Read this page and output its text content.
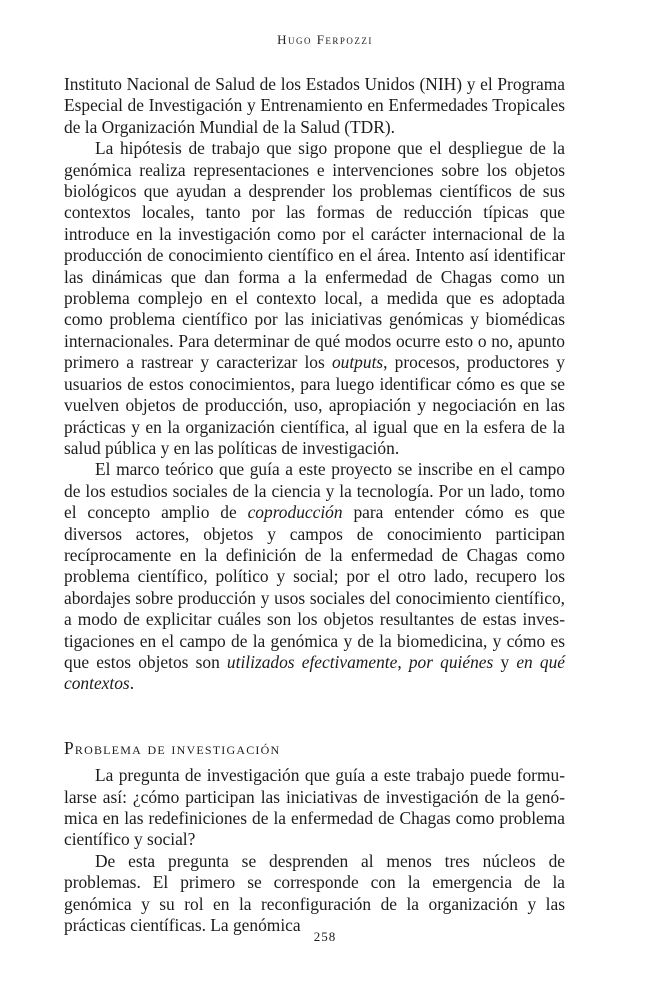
Hugo Ferpozzi

Instituto Nacional de Salud de los Estados Unidos (NIH) y el Programa Especial de Investigación y Entrenamiento en Enfermedades Tropicales de la Organización Mundial de la Salud (TDR).

La hipótesis de trabajo que sigo propone que el despliegue de la genómica realiza representaciones e intervenciones sobre los objetos biológicos que ayudan a desprender los problemas científicos de sus contextos locales, tanto por las formas de reducción típicas que introduce en la investigación como por el carácter internacional de la producción de conocimiento científico en el área. Intento así identificar las dinámicas que dan forma a la enfermedad de Chagas como un problema complejo en el contexto local, a medida que es adoptada como problema científico por las iniciativas genómicas y biomédicas internacionales. Para determinar de qué modos ocurre esto o no, apunto primero a rastrear y caracterizar los outputs, procesos, productores y usuarios de estos conocimientos, para luego identificar cómo es que se vuelven objetos de producción, uso, apropiación y negociación en las prácticas y en la organización científica, al igual que en la esfera de la salud pública y en las políticas de investigación.

El marco teórico que guía a este proyecto se inscribe en el campo de los estudios sociales de la ciencia y la tecnología. Por un lado, tomo el concepto amplio de coproducción para entender cómo es que diversos actores, objetos y campos de conocimiento participan recíprocamente en la definición de la enfermedad de Chagas como problema científico, político y social; por el otro lado, recupero los abordajes sobre producción y usos sociales del conocimiento científico, a modo de explicitar cuáles son los objetos resultantes de estas investigaciones en el campo de la genómica y de la biomedicina, y cómo es que estos objetos son utilizados efectivamente, por quiénes y en qué contextos.

Problema de investigación

La pregunta de investigación que guía a este trabajo puede formularse así: ¿cómo participan las iniciativas de investigación de la genómica en las redefiniciones de la enfermedad de Chagas como problema científico y social?

De esta pregunta se desprenden al menos tres núcleos de problemas. El primero se corresponde con la emergencia de la genómica y su rol en la reconfiguración de la organización y las prácticas científicas. La genómica

258
